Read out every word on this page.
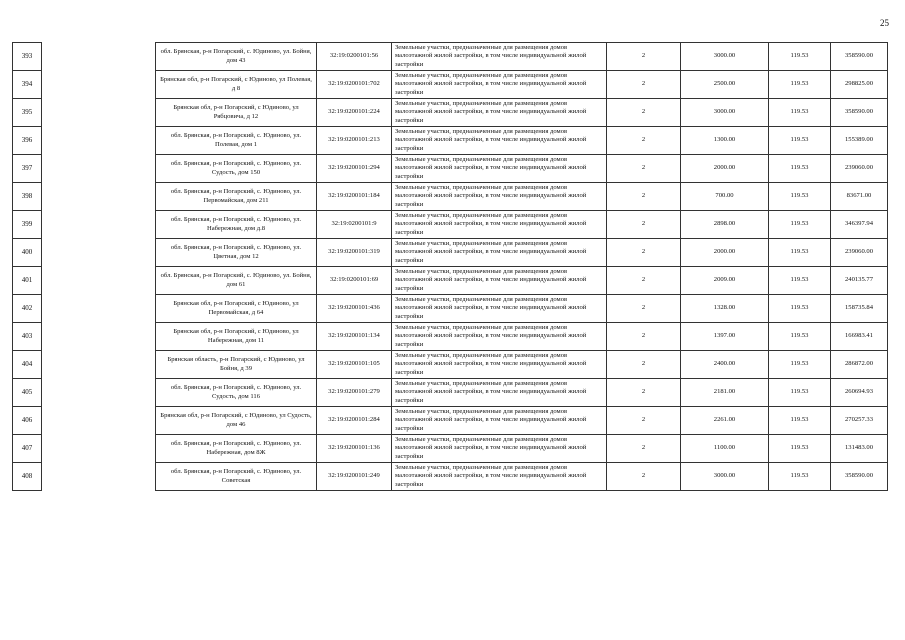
25
393		обл. Брянская, р-н Погарский, с. Юдиново, ул. Бойня, дом 43	32:19:0200101:56	Земельные участки, предназначенные для размещения домов малоэтажной жилой застройки, в том числе индивидуальной жилой застройки	2	3000.00	119.53	358590.00
394		Брянская обл, р-н Погарский, с Юдиново, ул Полевая, д 8	32:19:0200101:702	Земельные участки, предназначенные для размещения домов малоэтажной жилой застройки, в том числе индивидуальной жилой застройки	2	2500.00	119.53	298825.00
395		Брянская обл, р-н Погарский, с Юдиново, ул Рябцовича, д 12	32:19:0200101:224	Земельные участки, предназначенные для размещения домов малоэтажной жилой застройки, в том числе индивидуальной жилой застройки	2	3000.00	119.53	358590.00
396		обл. Брянская, р-н Погарский, с. Юдиново, ул. Полевая, дом 1	32:19:0200101:213	Земельные участки, предназначенные для размещения домов малоэтажной жилой застройки, в том числе индивидуальной жилой застройки	2	1300.00	119.53	155389.00
397		обл. Брянская, р-н Погарский, с. Юдиново, ул. Судость, дом 150	32:19:0200101:294	Земельные участки, предназначенные для размещения домов малоэтажной жилой застройки, в том числе индивидуальной жилой застройки	2	2000.00	119.53	239060.00
398		обл. Брянская, р-н Погарский, с. Юдиново, ул. Первомайская, дом 211	32:19:0200101:184	Земельные участки, предназначенные для размещения домов малоэтажной жилой застройки, в том числе индивидуальной жилой застройки	2	700.00	119.53	83671.00
399		обл. Брянская, р-н Погарский, с. Юдиново, ул. Набережная, дом д.8	32:19:0200101:9	Земельные участки, предназначенные для размещения домов малоэтажной жилой застройки, в том числе индивидуальной жилой застройки	2	2898.00	119.53	346397.94
400		обл. Брянская, р-н Погарский, с. Юдиново, ул. Цветная, дом 12	32:19:0200101:319	Земельные участки, предназначенные для размещения домов малоэтажной жилой застройки, в том числе индивидуальной жилой застройки	2	2000.00	119.53	239060.00
401		обл. Брянская, р-н Погарский, с. Юдиново, ул. Бойня, дом 61	32:19:0200101:69	Земельные участки, предназначенные для размещения домов малоэтажной жилой застройки, в том числе индивидуальной жилой застройки	2	2009.00	119.53	240135.77
402		Брянская обл, р-н Погарский, с Юдиново, ул Первомайская, д 64	32:19:0200101:436	Земельные участки, предназначенные для размещения домов малоэтажной жилой застройки, в том числе индивидуальной жилой застройки	2	1328.00	119.53	158735.84
403		Брянская обл, р-н Погарский, с Юдиново, ул Набережная, дом 11	32:19:0200101:134	Земельные участки, предназначенные для размещения домов малоэтажной жилой застройки, в том числе индивидуальной жилой застройки	2	1397.00	119.53	166983.41
404		Брянская область, р-н Погарский, с Юдиново, ул Бойня, д 39	32:19:0200101:105	Земельные участки, предназначенные для размещения домов малоэтажной жилой застройки, в том числе индивидуальной жилой застройки	2	2400.00	119.53	286872.00
405		обл. Брянская, р-н Погарский, с. Юдиново, ул. Судость, дом 116	32:19:0200101:279	Земельные участки, предназначенные для размещения домов малоэтажной жилой застройки, в том числе индивидуальной жилой застройки	2	2181.00	119.53	260694.93
406		Брянская обл, р-н Погарский, с Юдиново, ул Судость, дом 46	32:19:0200101:284	Земельные участки, предназначенные для размещения домов малоэтажной жилой застройки, в том числе индивидуальной жилой застройки	2	2261.00	119.53	270257.33
407		обл. Брянская, р-н Погарский, с. Юдиново, ул. Набережная, дом 8Ж	32:19:0200101:136	Земельные участки, предназначенные для размещения домов малоэтажной жилой застройки, в том числе индивидуальной жилой застройки	2	1100.00	119.53	131483.00
408		обл. Брянская, р-н Погарский, с. Юдиново, ул. Советская	32:19:0200101:249	Земельные участки, предназначенные для размещения домов малоэтажной жилой застройки, в том числе индивидуальной жилой застройки	2	3000.00	119.53	358590.00
